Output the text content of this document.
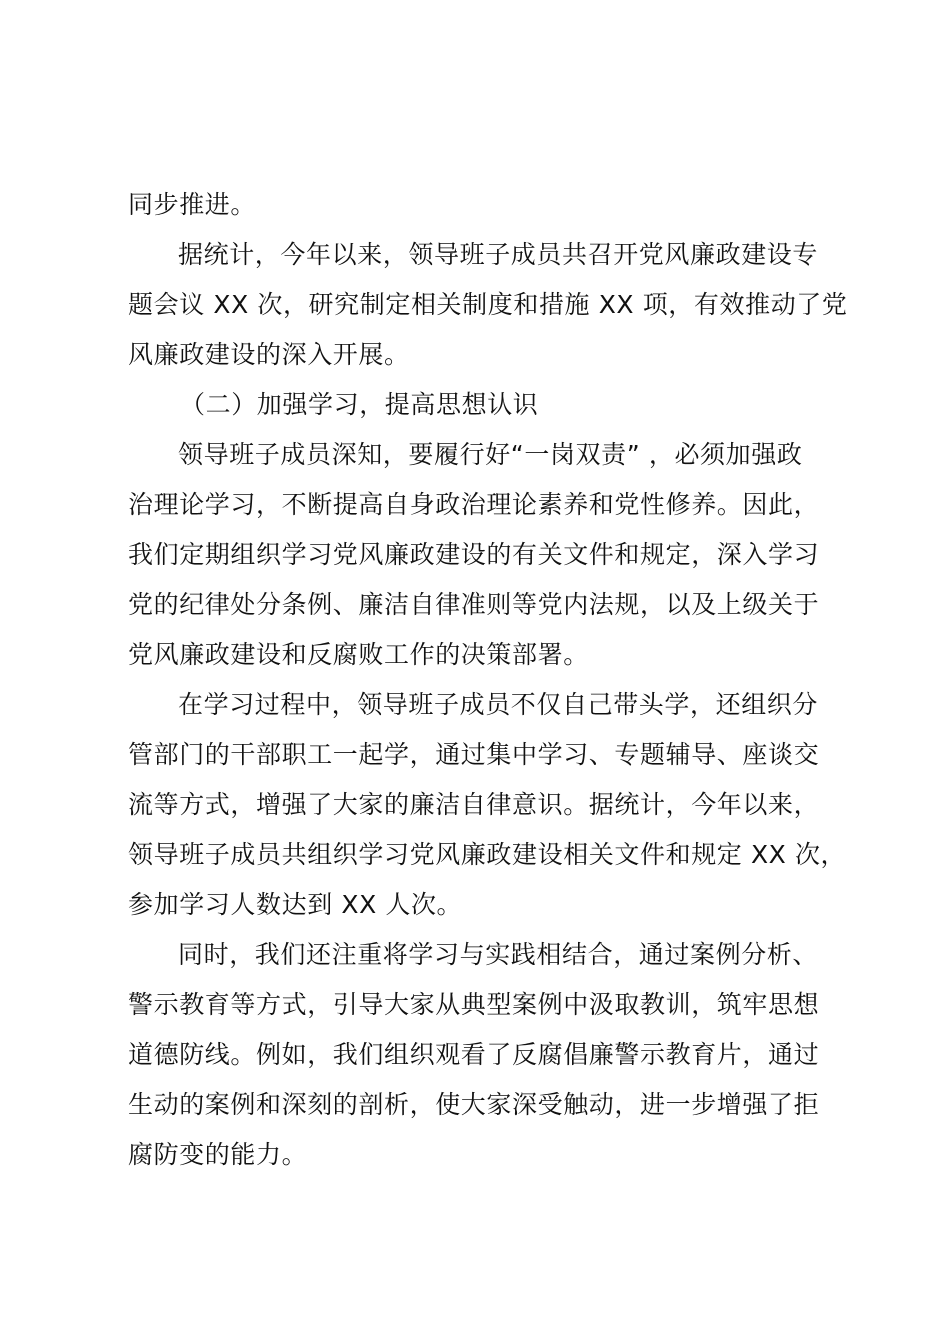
同步推进。

据统计，今年以来，领导班子成员共召开党风廉政建设专
题会议 XX 次，研究制定相关制度和措施 XX 项，有效推动了党
风廉政建设的深入开展。

（二）加强学习，提高思想认识

领导班子成员深知，要履行好“一岗双责” ，必须加强政
治理论学习，不断提高自身政治理论素养和党性修养。因此，
我们定期组织学习党风廉政建设的有关文件和规定，深入学习
党的纪律处分条例、廉洁自律准则等党内法规，以及上级关于
党风廉政建设和反腐败工作的决策部署。

在学习过程中，领导班子成员不仅自己带头学，还组织分
管部门的干部职工一起学，通过集中学习、专题辅导、座谈交
流等方式，增强了大家的廉洁自律意识。据统计，今年以来，
领导班子成员共组织学习党风廉政建设相关文件和规定 XX 次，
参加学习人数达到 XX 人次。

同时，我们还注重将学习与实践相结合，通过案例分析、
警示教育等方式，引导大家从典型案例中汲取教训，筑牢思想
道德防线。例如，我们组织观看了反腐倡廉警示教育片，通过
生动的案例和深刻的剖析，使大家深受触动，进一步增强了拒
腐防变的能力。
